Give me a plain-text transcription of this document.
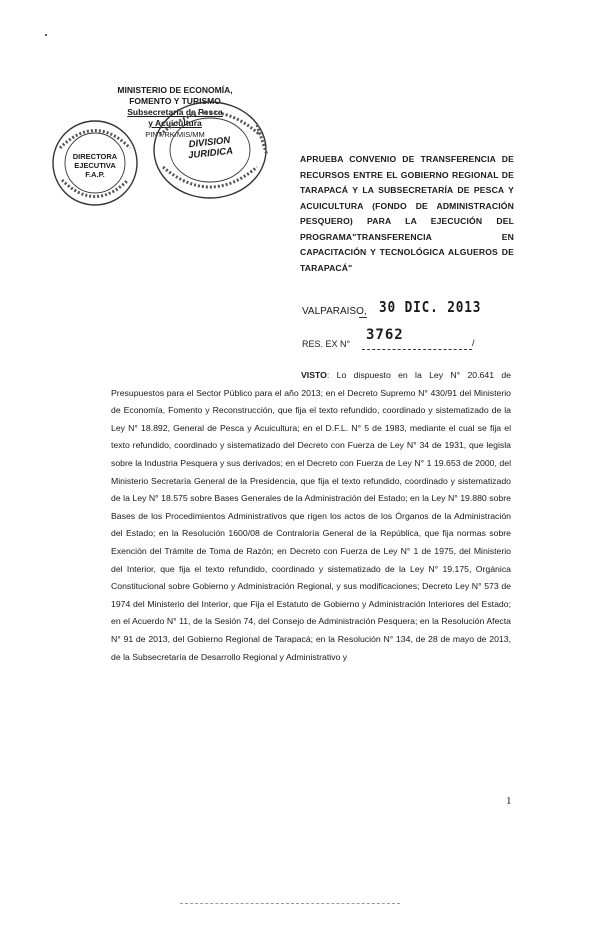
MINISTERIO DE ECONOMÍA,
FOMENTO Y TURISMO
Subsecretaría de Pesca
y Acuicultura
PINT/RK/MIS/MM
DIRECTORA
EJECUTIVA
F.A.P.
DIVISION
JURIDICA	APRUEBA CONVENIO DE TRANSFERENCIA DE RECURSOS ENTRE EL GOBIERNO REGIONAL DE TARAPACÁ Y LA SUBSECRETARÍA DE PESCA Y ACUICULTURA (FONDO DE ADMINISTRACIÓN PESQUERO) PARA LA EJECUCIÓN DEL PROGRAMA"TRANSFERENCIA EN CAPACITACIÓN Y TECNOLÓGICA ALGUEROS DE TARAPACÁ"
VALPARAISO, 30 DIC. 2013
RES. EX N°
3762	/
VISTO: Lo dispuesto en la Ley N° 20.641 de Presupuestos para el Sector Público para el año 2013; en el Decreto Supremo N° 430/91 del Ministerio de Economía, Fomento y Reconstrucción, que fija el texto refundido, coordinado y sistematizado de la Ley N° 18.892, General de Pesca y Acuicultura; en el D.F.L. N° 5 de 1983, mediante el cual se fija el texto refundido, coordinado y sistematizado del Decreto con Fuerza de Ley N° 34 de 1931, que legisla sobre la Industria Pesquera y sus derivados; en el Decreto con Fuerza de Ley N° 1 19.653 de 2000, del Ministerio Secretaría General de la Presidencia, que fija el texto refundido, coordinado y sistematizado de la Ley N° 18.575 sobre Bases Generales de la Administración del Estado; en la Ley N° 19.880 sobre Bases de los Procedimientos Administrativos que rigen los actos de los Órganos de la Administración del Estado; en la Resolución 1600/08 de Contraloría General de la República, que fija normas sobre Exención del Trámite de Toma de Razón; en Decreto con Fuerza de Ley N° 1 de 1975, del Ministerio del Interior, que fija el texto refundido, coordinado y sistematizado de la Ley N° 19.175, Orgánica Constitucional sobre Gobierno y Administración Regional, y sus modificaciones; Decreto Ley N° 573 de 1974 del Ministerio del Interior, que Fija el Estatuto de Gobierno y Administración Interiores del Estado; en el Acuerdo N° 11, de la Sesión 74, del Consejo de Administración Pesquera; en la Resolución Afecta N° 91 de 2013, del Gobierno Regional de Tarapacá; en la Resolución N° 134, de 28 de mayo de 2013, de la Subsecretaría de Desarrollo Regional y Administrativo y
1
